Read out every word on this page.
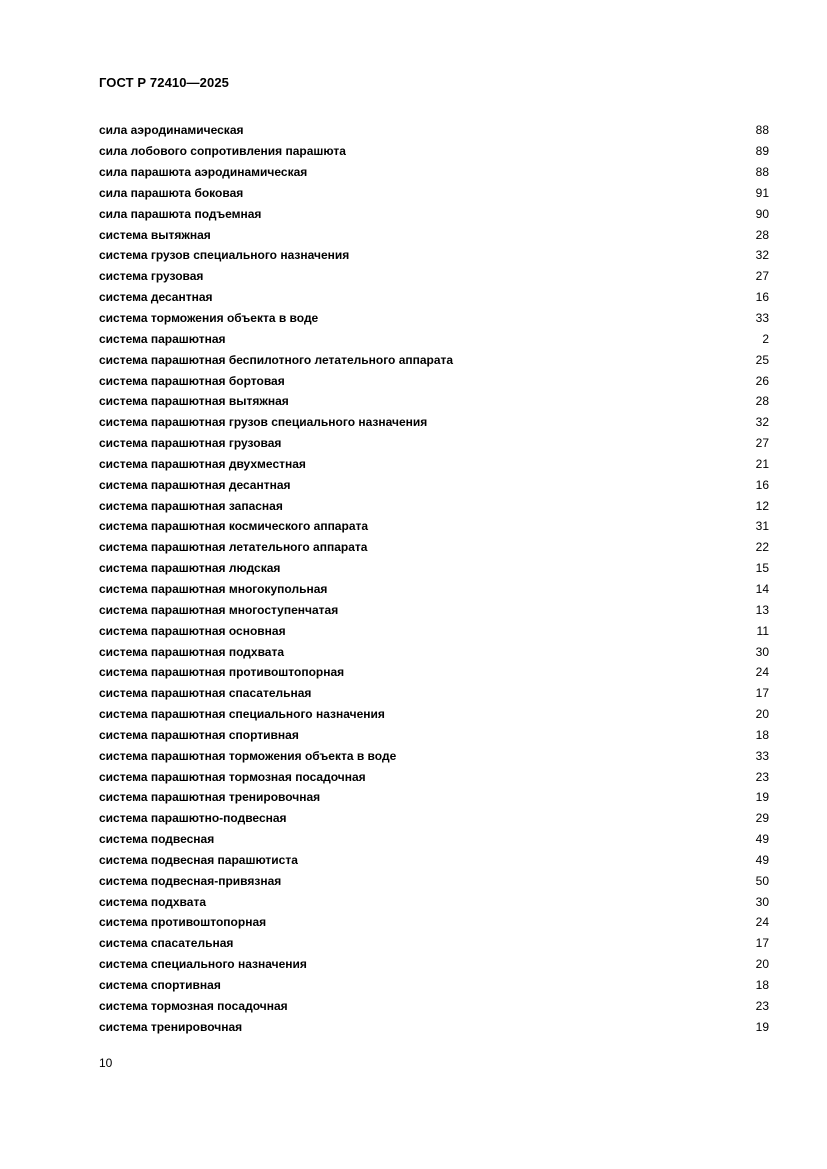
ГОСТ Р 72410—2025
сила аэродинамическая	88
сила лобового сопротивления парашюта	89
сила парашюта аэродинамическая	88
сила парашюта боковая	91
сила парашюта подъемная	90
система вытяжная	28
система грузов специального назначения	32
система грузовая	27
система десантная	16
система торможения объекта в воде	33
система парашютная	2
система парашютная беспилотного летательного аппарата	25
система парашютная бортовая	26
система парашютная вытяжная	28
система парашютная грузов специального назначения	32
система парашютная грузовая	27
система парашютная двухместная	21
система парашютная десантная	16
система парашютная запасная	12
система парашютная космического аппарата	31
система парашютная летательного аппарата	22
система парашютная людская	15
система парашютная многокупольная	14
система парашютная многоступенчатая	13
система парашютная основная	11
система парашютная подхвата	30
система парашютная противоштопорная	24
система парашютная спасательная	17
система парашютная специального назначения	20
система парашютная спортивная	18
система парашютная торможения объекта в воде	33
система парашютная тормозная посадочная	23
система парашютная тренировочная	19
система парашютно-подвесная	29
система подвесная	49
система подвесная парашютиста	49
система подвесная-привязная	50
система подхвата	30
система противоштопорная	24
система спасательная	17
система специального назначения	20
система спортивная	18
система тормозная посадочная	23
система тренировочная	19
10
